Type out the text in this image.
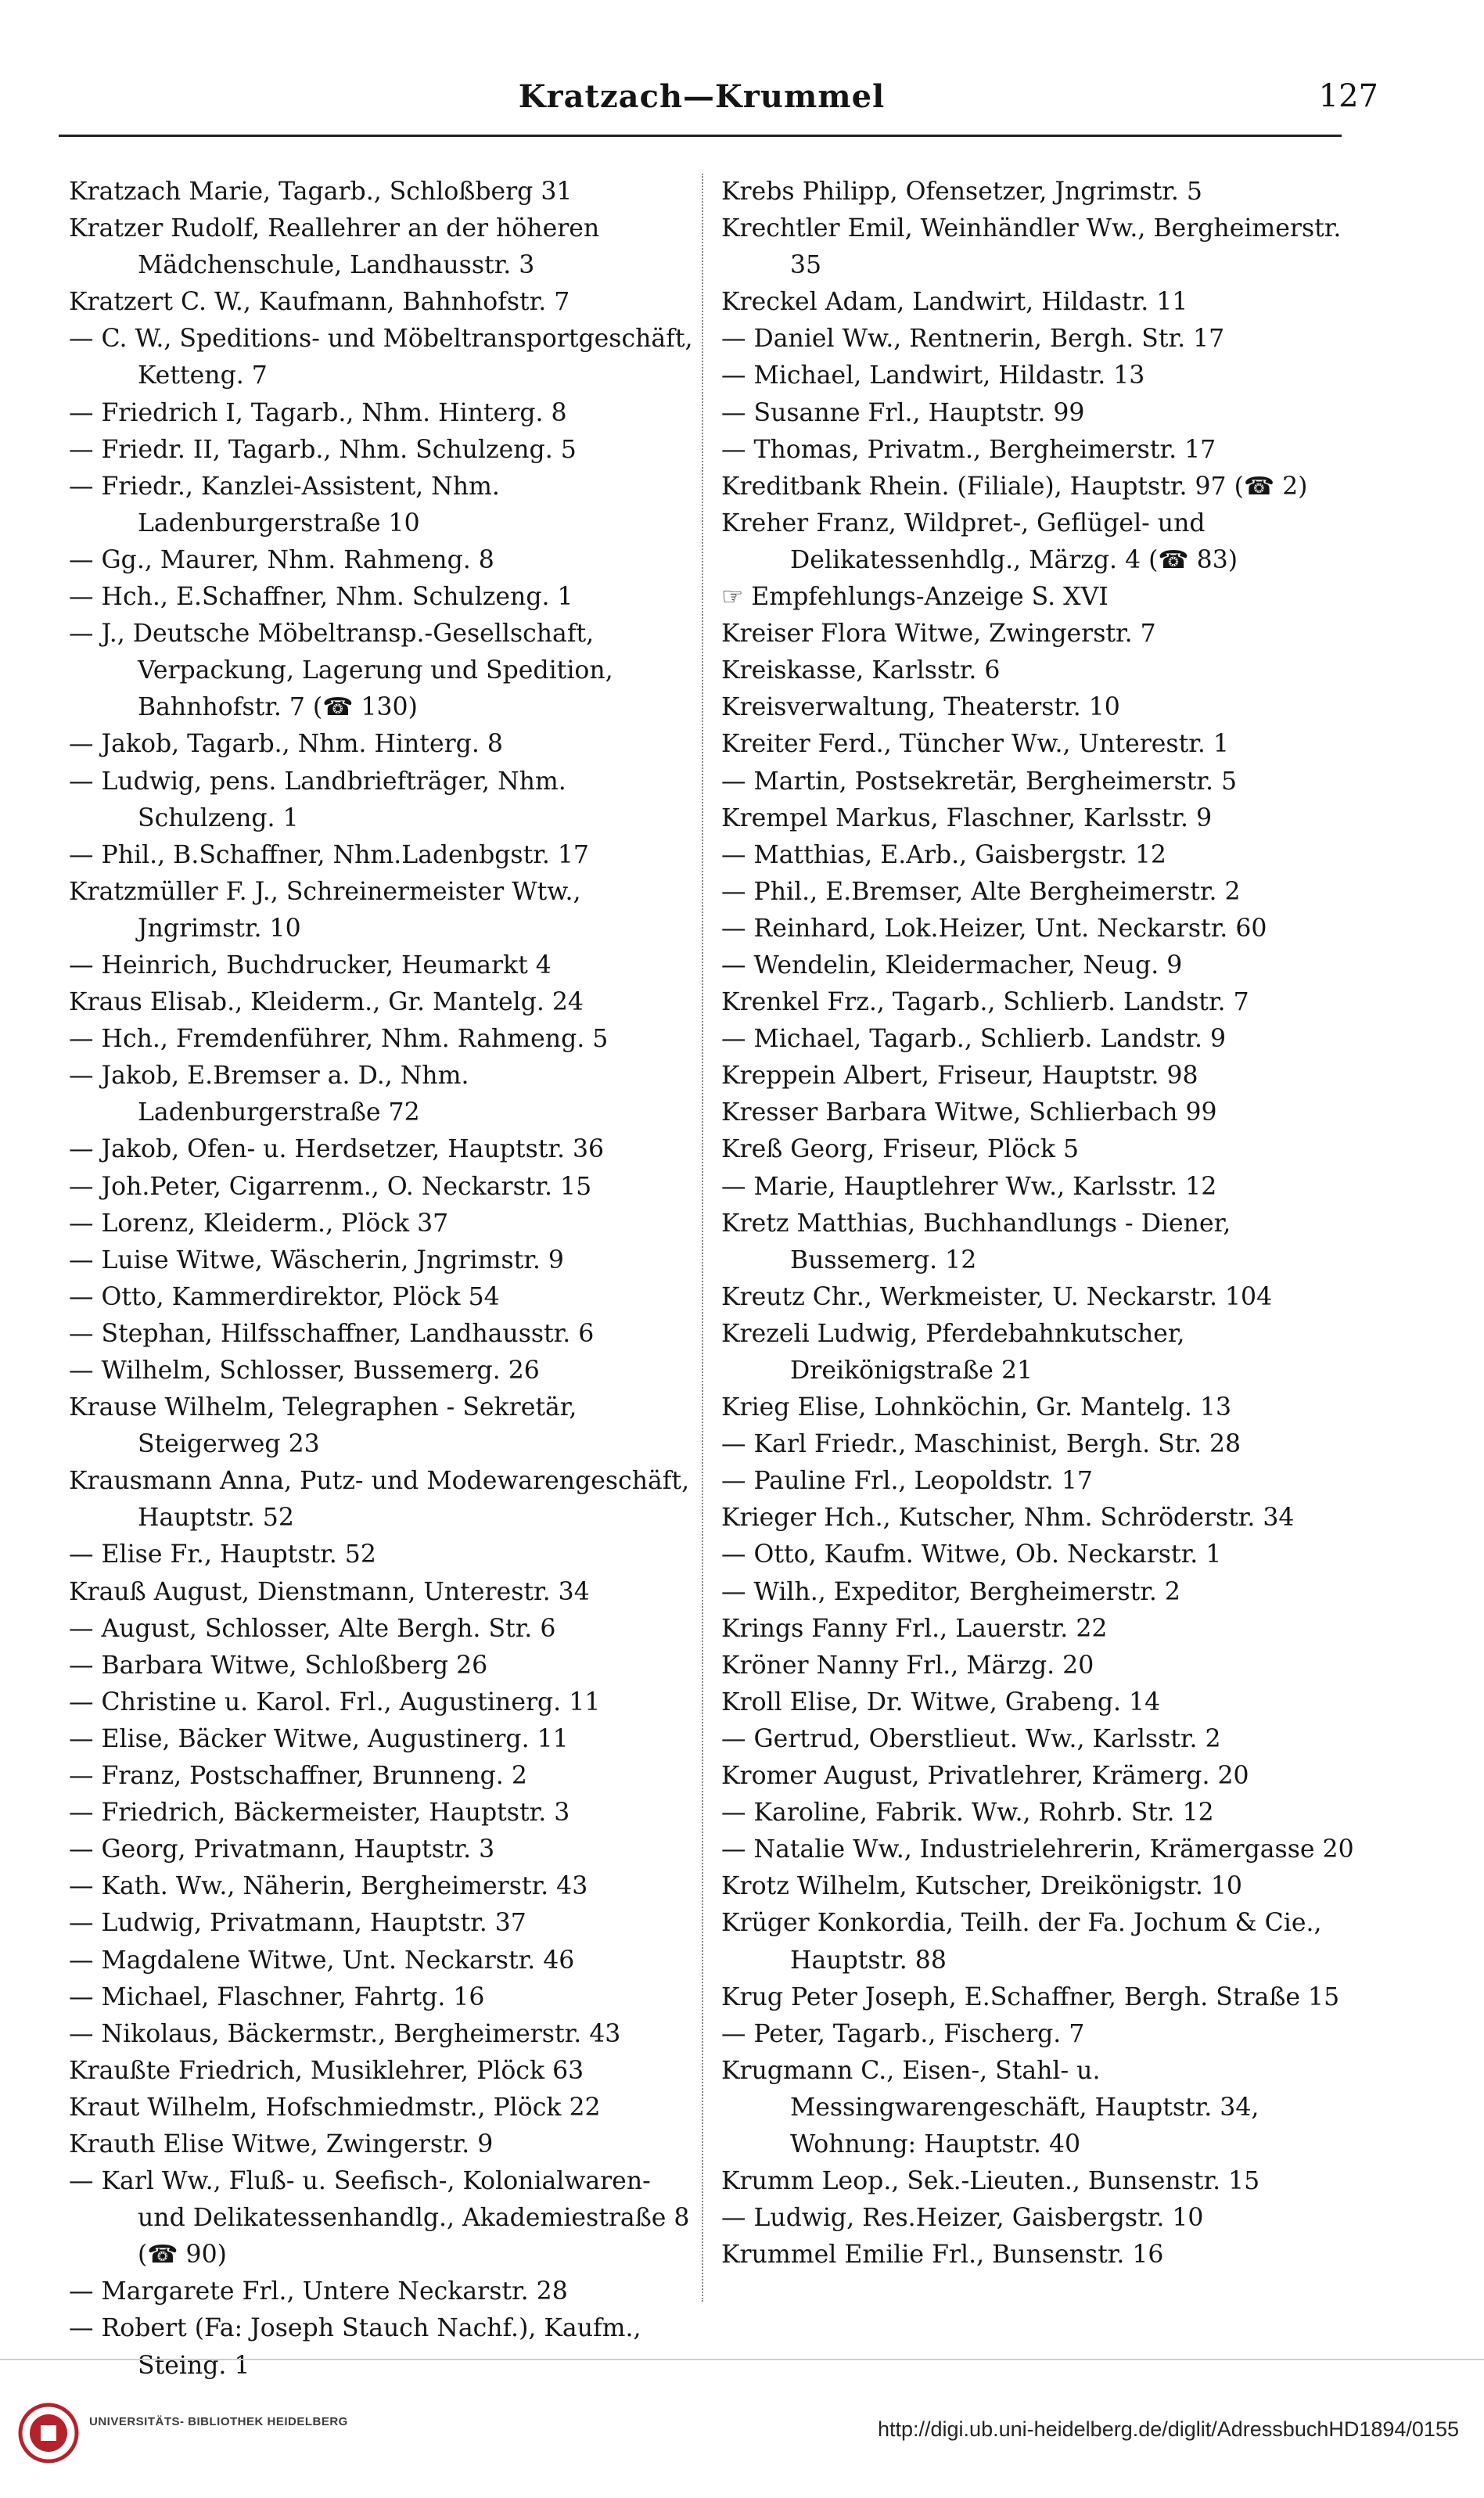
Kratzach—Krummel	127
Kratzach Marie, Tagarb., Schloßberg 31
Kratzer Rudolf, Reallehrer an der höheren Mädchenschule, Landhausstr. 3
Kratzert C. W., Kaufmann, Bahnhofstr. 7
— C. W., Speditions- und Möbeltransportgeschäft, Ketteng. 7
— Friedrich I, Tagarb., Nhm. Hinterg. 8
— Friedr. II, Tagarb., Nhm. Schulzeng. 5
— Friedr., Kanzlei-Assistent, Nhm. Ladenburgerstraße 10
— Gg., Maurer, Nhm. Rahmeng. 8
— Hch., E.Schaffner, Nhm. Schulzeng. 1
— J., Deutsche Möbeltransp.-Gesellschaft, Verpackung, Lagerung und Spedition, Bahnhofstr. 7 (☎ 130)
— Jakob, Tagarb., Nhm. Hinterg. 8
— Ludwig, pens. Landbriefträger, Nhm. Schulzeng. 1
— Phil., B.Schaffner, Nhm.Ladenbgstr. 17
Kratzmüller F. J., Schreinermeister Wtw., Jngrimstr. 10
— Heinrich, Buchdrucker, Heumarkt 4
Kraus Elisab., Kleiderm., Gr. Mantelg. 24
— Hch., Fremdenführer, Nhm. Rahmeng. 5
— Jakob, E.Bremser a. D., Nhm. Ladenburgerstraße 72
— Jakob, Ofen- u. Herdsetzer, Hauptstr. 36
— Joh.Peter, Cigarrenm., O. Neckarstr. 15
— Lorenz, Kleiderm., Plöck 37
— Luise Witwe, Wäscherin, Jngrimstr. 9
— Otto, Kammerdirektor, Plöck 54
— Stephan, Hilfsschaffner, Landhausstr. 6
— Wilhelm, Schlosser, Bussemerg. 26
Krause Wilhelm, Telegraphen - Sekretär, Steigerweg 23
Krausmann Anna, Putz- und Modewarengeschäft, Hauptstr. 52
— Elise Fr., Hauptstr. 52
Krauß August, Dienstmann, Unterestr. 34
— August, Schlosser, Alte Bergh. Str. 6
— Barbara Witwe, Schloßberg 26
— Christine u. Karol. Frl., Augustinerg. 11
— Elise, Bäcker Witwe, Augustinerg. 11
— Franz, Postschaffner, Brunneng. 2
— Friedrich, Bäckermeister, Hauptstr. 3
— Georg, Privatmann, Hauptstr. 3
— Kath. Ww., Näherin, Bergheimerstr. 43
— Ludwig, Privatmann, Hauptstr. 37
— Magdalene Witwe, Unt. Neckarstr. 46
— Michael, Flaschner, Fahrtg. 16
— Nikolaus, Bäckermstr., Bergheimerstr. 43
Kraußte Friedrich, Musiklehrer, Plöck 63
Kraut Wilhelm, Hofschmiedmstr., Plöck 22
Krauth Elise Witwe, Zwingerstr. 9
— Karl Ww., Fluß- u. Seefisch-, Kolonialwaren- und Delikatessenhandlg., Akademiestraße 8 (☎ 90)
— Margarete Frl., Untere Neckarstr. 28
— Robert (Fa: Joseph Stauch Nachf.), Kaufm., Steing. 1
Krebs Philipp, Ofensetzer, Jngrimstr. 5
Krechtler Emil, Weinhändler Ww., Bergheimerstr. 35
Kreckel Adam, Landwirt, Hildastr. 11
— Daniel Ww., Rentnerin, Bergh. Str. 17
— Michael, Landwirt, Hildastr. 13
— Susanne Frl., Hauptstr. 99
— Thomas, Privatm., Bergheimerstr. 17
Kreditbank Rhein. (Filiale), Hauptstr. 97 (☎ 2)
Kreher Franz, Wildpret-, Geflügel- und Delikatessenhdlg., Märzg. 4 (☎ 83)
☞ Empfehlungs-Anzeige S. XVI
Kreiser Flora Witwe, Zwingerstr. 7
Kreiskasse, Karlsstr. 6
Kreisverwaltung, Theaterstr. 10
Kreiter Ferd., Tüncher Ww., Unterestr. 1
— Martin, Postsekretär, Bergheimerstr. 5
Krempel Markus, Flaschner, Karlsstr. 9
— Matthias, E.Arb., Gaisbergstr. 12
— Phil., E.Bremser, Alte Bergheimerstr. 2
— Reinhard, Lok.Heizer, Unt. Neckarstr. 60
— Wendelin, Kleidermacher, Neug. 9
Krenkel Frz., Tagarb., Schlierb. Landstr. 7
— Michael, Tagarb., Schlierb. Landstr. 9
Kreppein Albert, Friseur, Hauptstr. 98
Kresser Barbara Witwe, Schlierbach 99
Kreß Georg, Friseur, Plöck 5
— Marie, Hauptlehrer Ww., Karlsstr. 12
Kretz Matthias, Buchhandlungs - Diener, Bussemerg. 12
Kreutz Chr., Werkmeister, U. Neckarstr. 104
Krezeli Ludwig, Pferdebahnkutscher, Dreikönigstraße 21
Krieg Elise, Lohnköchin, Gr. Mantelg. 13
— Karl Friedr., Maschinist, Bergh. Str. 28
— Pauline Frl., Leopoldstr. 17
Krieger Hch., Kutscher, Nhm. Schröderstr. 34
— Otto, Kaufm. Witwe, Ob. Neckarstr. 1
— Wilh., Expeditor, Bergheimerstr. 2
Krings Fanny Frl., Lauerstr. 22
Kröner Nanny Frl., Märzg. 20
Kroll Elise, Dr. Witwe, Grabeng. 14
— Gertrud, Oberstlieut. Ww., Karlsstr. 2
Kromer August, Privatlehrer, Krämerg. 20
— Karoline, Fabrik. Ww., Rohrb. Str. 12
— Natalie Ww., Industrielehrerin, Krämergasse 20
Krotz Wilhelm, Kutscher, Dreikönigstr. 10
Krüger Konkordia, Teilh. der Fa. Jochum & Cie., Hauptstr. 88
Krug Peter Joseph, E.Schaffner, Bergh. Straße 15
— Peter, Tagarb., Fischerg. 7
Krugmann C., Eisen-, Stahl- u. Messingwarengeschäft, Hauptstr. 34, Wohnung: Hauptstr. 40
Krumm Leop., Sek.-Lieuten., Bunsenstr. 15
— Ludwig, Res.Heizer, Gaisbergstr. 10
Krummel Emilie Frl., Bunsenstr. 16
UNIVERSITÄTS- BIBLIOTHEK HEIDELBERG	http://digi.ub.uni-heidelberg.de/diglit/AdressbuchHD1894/0155
